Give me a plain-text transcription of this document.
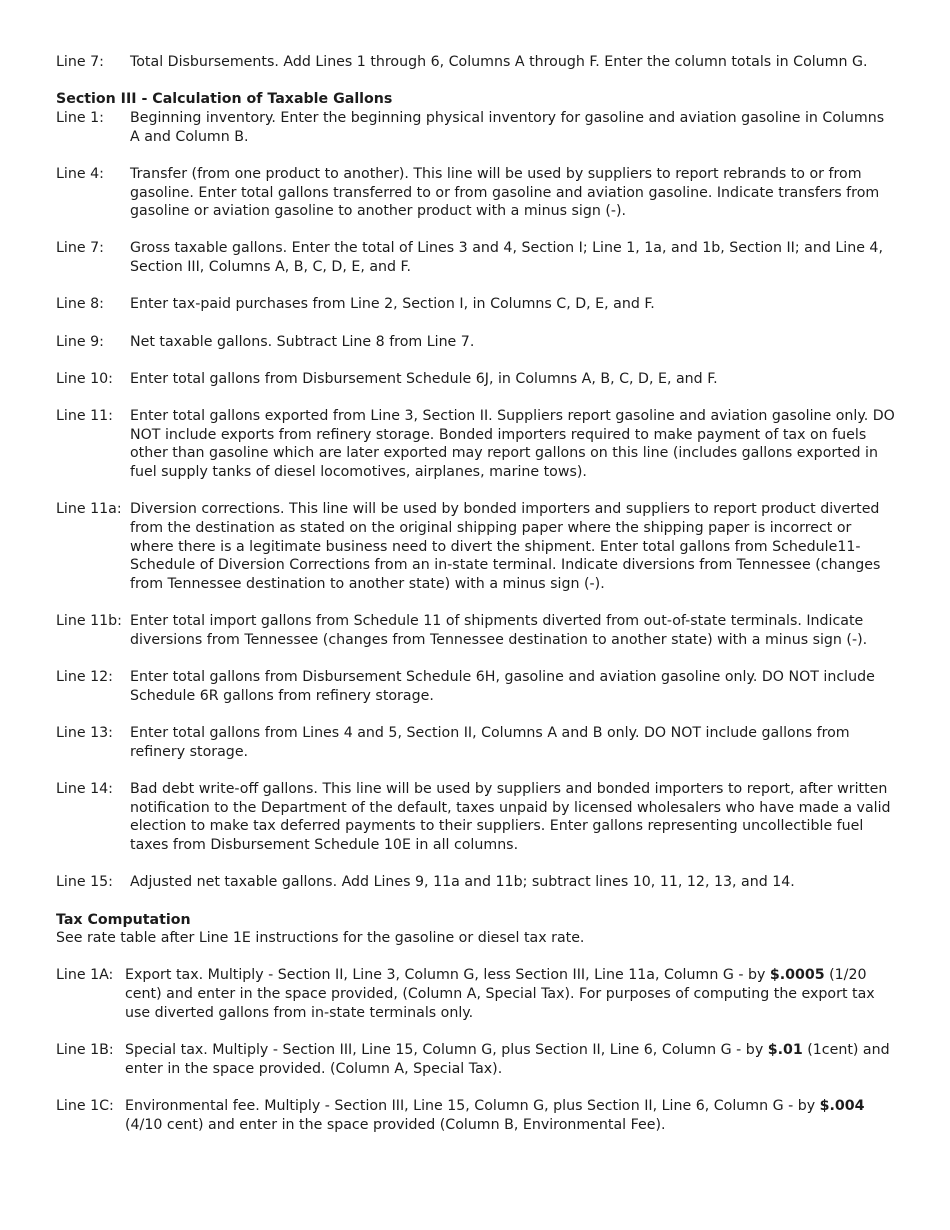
Line 7:	Total Disbursements. Add Lines 1 through 6, Columns A through F. Enter the column totals in Column G.
Section III - Calculation of Taxable Gallons
Line 1:	Beginning inventory. Enter the beginning physical inventory for gasoline and aviation gasoline in Columns A and Column B.
Line 4:	Transfer (from one product to another). This line will be used by suppliers to report rebrands to or from gasoline. Enter total gallons transferred to or from gasoline and aviation gasoline. Indicate transfers from gasoline or aviation gasoline to another product with a minus sign (-).
Line 7:	Gross taxable gallons. Enter the total of Lines 3 and 4, Section I; Line 1, 1a, and 1b, Section II; and Line 4, Section III, Columns A, B, C, D, E, and F.
Line 8:	Enter tax-paid purchases from Line 2, Section I, in Columns C, D, E, and F.
Line 9:	Net taxable gallons. Subtract Line 8 from Line 7.
Line 10:	Enter total gallons from Disbursement Schedule 6J, in Columns A, B, C, D, E, and F.
Line 11:	Enter total gallons exported from Line 3, Section II. Suppliers report gasoline and aviation gasoline only. DO NOT include exports from refinery storage. Bonded importers required to make payment of tax on fuels other than gasoline which are later exported may report gallons on this line (includes gallons exported in fuel supply tanks of diesel locomotives, airplanes, marine tows).
Line 11a: Diversion corrections. This line will be used by bonded importers and suppliers to report product diverted from the destination as stated on the original shipping paper where the shipping paper is incorrect or where there is a legitimate business need to divert the shipment. Enter total gallons from Schedule11-Schedule of Diversion Corrections from an in-state terminal. Indicate diversions from Tennessee (changes from Tennessee destination to another state) with a minus sign (-).
Line 11b: Enter total import gallons from Schedule 11 of shipments diverted from out-of-state terminals. Indicate diversions from Tennessee (changes from Tennessee destination to another state) with a minus sign (-).
Line 12:	Enter total gallons from Disbursement Schedule 6H, gasoline and aviation gasoline only. DO NOT include Schedule 6R gallons from refinery storage.
Line 13:	Enter total gallons from Lines 4 and 5, Section II, Columns A and B only. DO NOT include gallons from refinery storage.
Line 14:	Bad debt write-off gallons. This line will be used by suppliers and bonded importers to report, after written notification to the Department of the default, taxes unpaid by licensed wholesalers who have made a valid election to make tax deferred payments to their suppliers. Enter gallons representing uncollectible fuel taxes from Disbursement Schedule 10E in all columns.
Line 15:	Adjusted net taxable gallons. Add Lines 9, 11a and 11b; subtract lines 10, 11, 12, 13, and 14.
Tax Computation
See rate table after Line 1E instructions for the gasoline or diesel tax rate.
Line 1A: Export tax. Multiply - Section II, Line 3, Column G, less Section III, Line 11a, Column G - by $.0005 (1/20 cent) and enter in the space provided, (Column A, Special Tax). For purposes of computing the export tax use diverted gallons from in-state terminals only.
Line 1B: Special tax. Multiply - Section III, Line 15, Column G, plus Section II, Line 6, Column G - by $.01 (1cent) and enter in the space provided. (Column A, Special Tax).
Line 1C: Environmental fee. Multiply - Section III, Line 15, Column G, plus Section II, Line 6, Column G - by $.004 (4/10 cent) and enter in the space provided (Column B, Environmental Fee).
